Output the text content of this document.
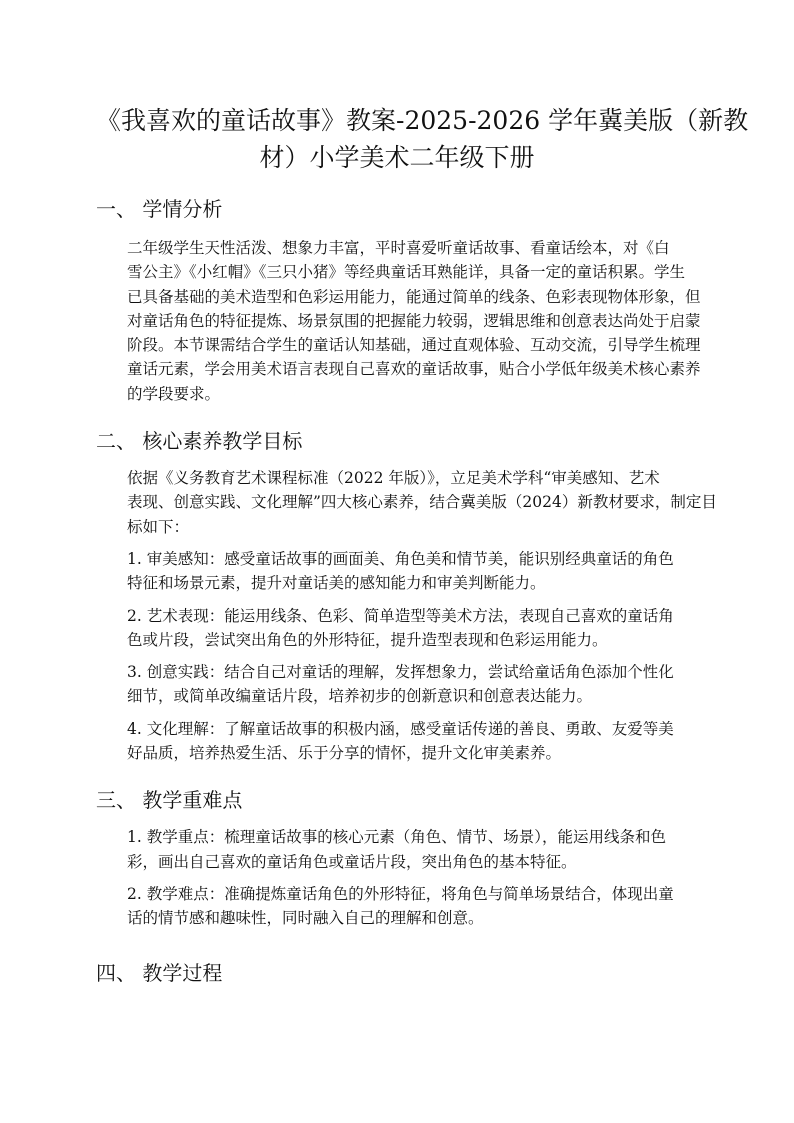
《我喜欢的童话故事》教案-2025-2026 学年冀美版（新教
材）小学美术二年级下册
一、 学情分析

二年级学生天性活泼、想象力丰富，平时喜爱听童话故事、看童话绘本，对《白
雪公主》《小红帽》《三只小猪》等经典童话耳熟能详，具备一定的童话积累。学生
已具备基础的美术造型和色彩运用能力，能通过简单的线条、色彩表现物体形象，但
对童话角色的特征提炼、场景氛围的把握能力较弱，逻辑思维和创意表达尚处于启蒙
阶段。本节课需结合学生的童话认知基础，通过直观体验、互动交流，引导学生梳理
童话元素，学会用美术语言表现自己喜欢的童话故事，贴合小学低年级美术核心素养
的学段要求。

二、 核心素养教学目标

依据《义务教育艺术课程标准（2022 年版）》，立足美术学科“审美感知、艺术
表现、创意实践、文化理解”四大核心素养，结合冀美版（2024）新教材要求，制定目
标如下：

1. 审美感知：感受童话故事的画面美、角色美和情节美，能识别经典童话的角色
特征和场景元素，提升对童话美的感知能力和审美判断能力。

2. 艺术表现：能运用线条、色彩、简单造型等美术方法，表现自己喜欢的童话角
色或片段，尝试突出角色的外形特征，提升造型表现和色彩运用能力。

3. 创意实践：结合自己对童话的理解，发挥想象力，尝试给童话角色添加个性化
细节，或简单改编童话片段，培养初步的创新意识和创意表达能力。

4. 文化理解：了解童话故事的积极内涵，感受童话传递的善良、勇敢、友爱等美
好品质，培养热爱生活、乐于分享的情怀，提升文化审美素养。

三、 教学重难点

1. 教学重点：梳理童话故事的核心元素（角色、情节、场景），能运用线条和色
彩，画出自己喜欢的童话角色或童话片段，突出角色的基本特征。

2. 教学难点：准确提炼童话角色的外形特征，将角色与简单场景结合，体现出童
话的情节感和趣味性，同时融入自己的理解和创意。

四、 教学过程
